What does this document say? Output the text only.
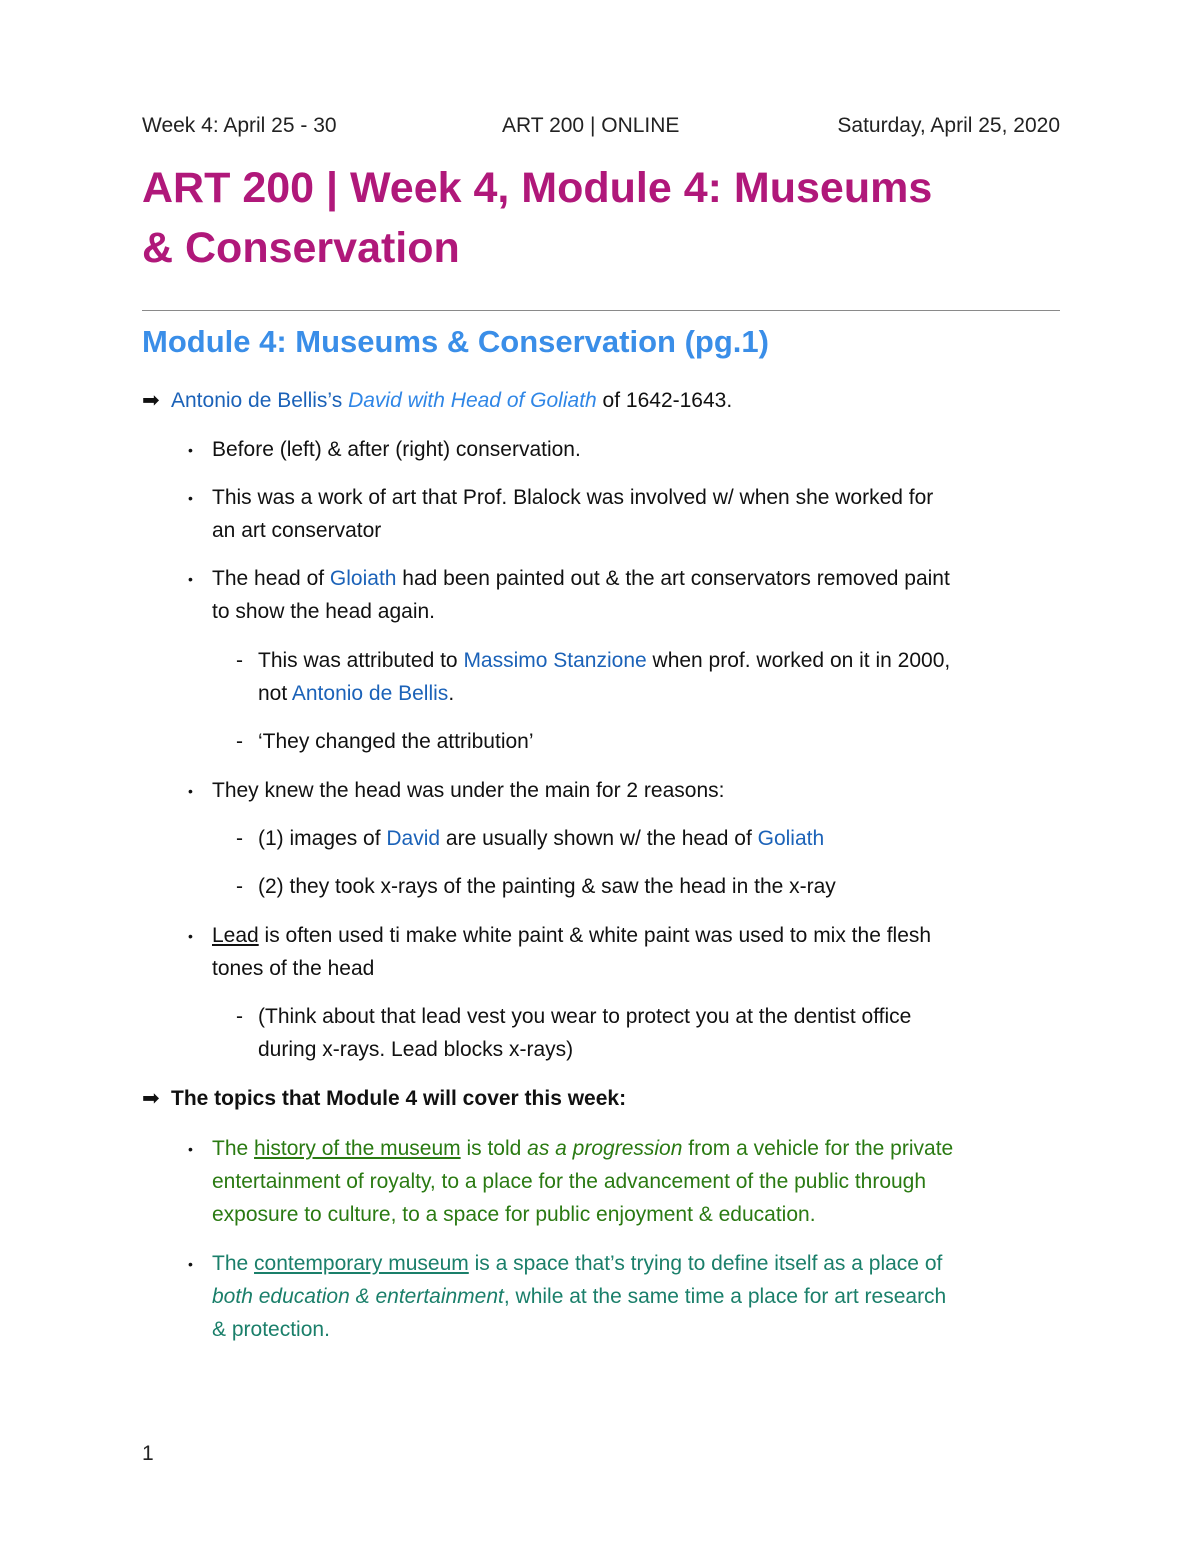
Week 4: April 25 - 30	ART 200 | ONLINE	Saturday, April 25, 2020
ART 200 | Week 4, Module 4: Museums
& Conservation
Module 4: Museums & Conservation (pg.1)
➡ Antonio de Bellis’s David with Head of Goliath of 1642-1643.
• Before (left) & after (right) conservation.
• This was a work of art that Prof. Blalock was involved w/ when she worked for
an art conservator
• The head of Gloiath had been painted out & the art conservators removed paint
to show the head again.
- This was attributed to Massimo Stanzione when prof. worked on it in 2000,
not Antonio de Bellis.
- ‘They changed the attribution’
• They knew the head was under the main for 2 reasons:
- (1) images of David are usually shown w/ the head of Goliath
- (2) they took x-rays of the painting & saw the head in the x-ray
• Lead is often used ti make white paint & white paint was used to mix the flesh
tones of the head
- (Think about that lead vest you wear to protect you at the dentist office
during x-rays. Lead blocks x-rays)
➡ The topics that Module 4 will cover this week:
• The history of the museum is told as a progression from a vehicle for the private
entertainment of royalty, to a place for the advancement of the public through
exposure to culture, to a space for public enjoyment & education.
• The contemporary museum is a space that’s trying to define itself as a place of
both education & entertainment, while at the same time a place for art research
& protection.
1
